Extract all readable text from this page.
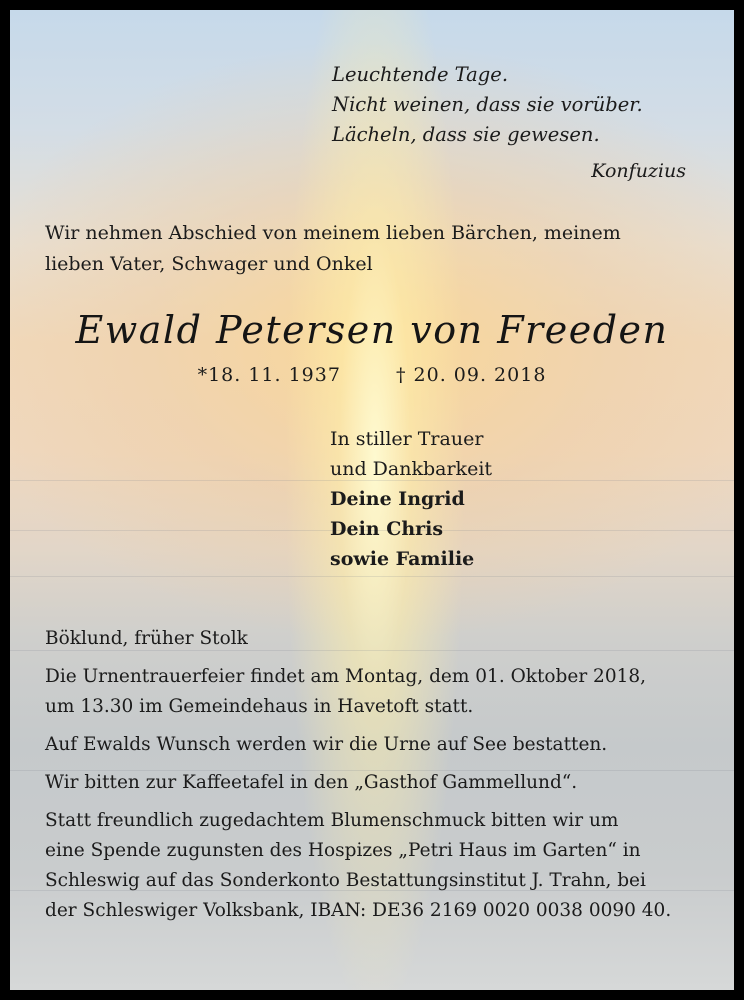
Leuchtende Tage.
Nicht weinen, dass sie vorüber.
Lächeln, dass sie gewesen.
Konfuzius
Wir nehmen Abschied von meinem lieben Bärchen, meinem
lieben Vater, Schwager und Onkel
Ewald Petersen von Freeden
*18. 11. 1937	† 20. 09. 2018
In stiller Trauer
und Dankbarkeit
Deine Ingrid
Dein Chris
sowie Familie

Böklund, früher Stolk

Die Urnentrauerfeier findet am Montag, dem 01. Oktober 2018,
um 13.30 im Gemeindehaus in Havetoft statt.

Auf Ewalds Wunsch werden wir die Urne auf See bestatten.

Wir bitten zur Kaffeetafel in den „Gasthof Gammellund“.

Statt freundlich zugedachtem Blumenschmuck bitten wir um
eine Spende zugunsten des Hospizes „Petri Haus im Garten“ in
Schleswig auf das Sonderkonto Bestattungsinstitut J. Trahn, bei
der Schleswiger Volksbank, IBAN: DE36 2169 0020 0038 0090 40.
